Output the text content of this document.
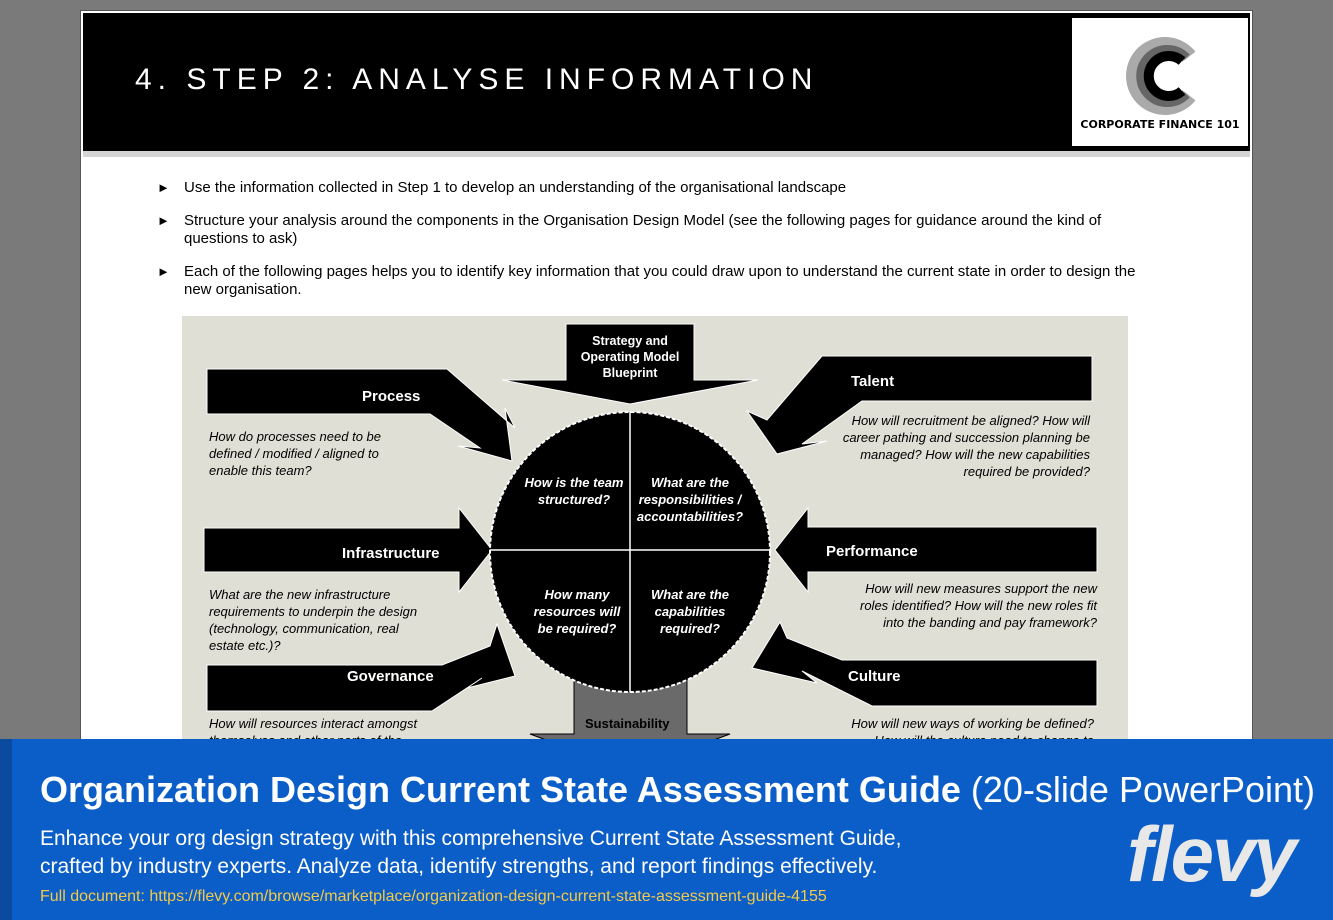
4. STEP 2: ANALYSE INFORMATION
CORPORATE FINANCE 101
► Use the information collected in Step 1 to develop an understanding of the organisational landscape
► Structure your analysis around the components in the Organisation Design Model (see the following pages for guidance around the kind of questions to ask)
► Each of the following pages helps you to identify key information that you could draw upon to understand the current state in order to design the new organisation.
Strategy and Operating Model Blueprint
Sustainability
Process
How do processes need to be defined / modified / aligned to enable this team?
Infrastructure
What are the new infrastructure requirements to underpin the design (technology, communication, real estate etc.)?
Governance
How will resources interact amongst
Talent
How will recruitment be aligned? How will career pathing and succession planning be managed? How will the new capabilities required be provided?
Performance
How will new measures support the new roles identified? How will the new roles fit into the banding and pay framework?
Culture
How will new ways of working be defined?
How is the team structured?
What are the responsibilities / accountabilities?
How many resources will be required?
What are the capabilities required?
Organization Design Current State Assessment Guide (20-slide PowerPoint)
Enhance your org design strategy with this comprehensive Current State Assessment Guide, crafted by industry experts. Analyze data, identify strengths, and report findings effectively.
Full document: https://flevy.com/browse/marketplace/organization-design-current-state-assessment-guide-4155	flevy
